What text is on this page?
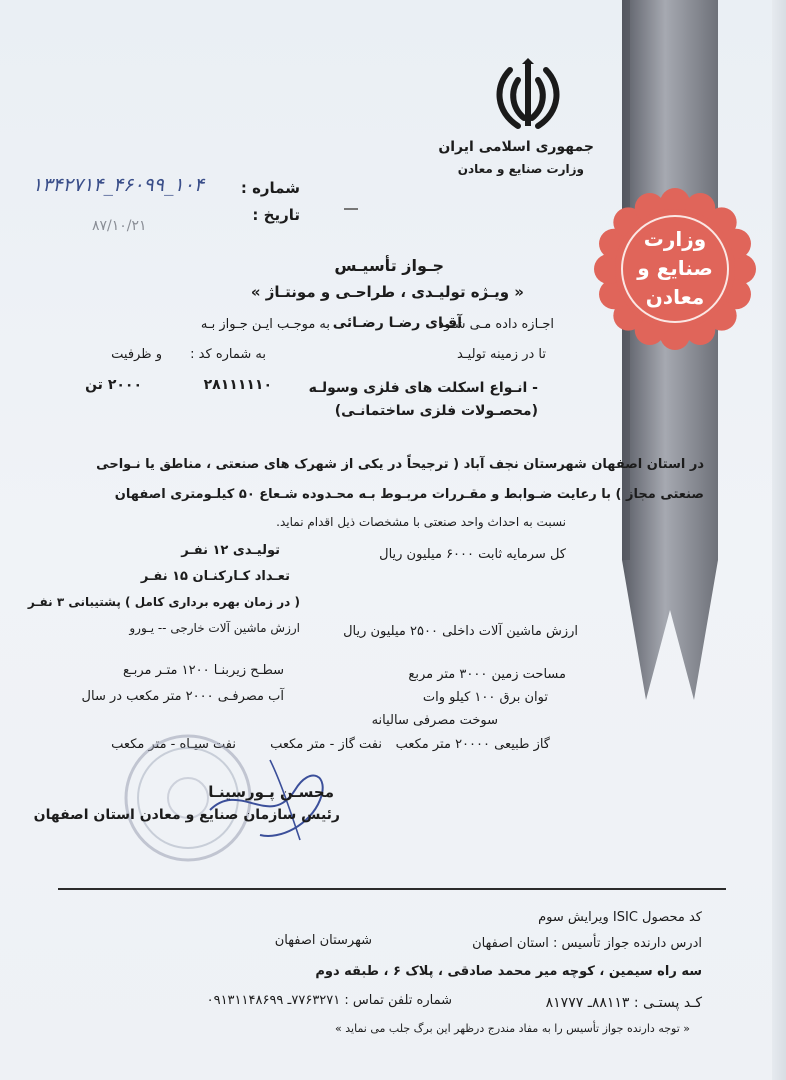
جمهوری اسلامی ایران
وزارت صنایع و معادن
وزارت
صنایع و
معادن
شماره :
۱۰۴_۴۶۰۹۹_۱۳۴۲۷۱۴
تاریخ :
۸۷/۱۰/۲۱
جـواز تأسیـس
« ویـژه تولیـدی ، طراحـی و مونتـاژ »
به موجـب ایـن جـواز بـه آقـای رضـا رضـائی
اجـازه داده مـی شـود
تا در زمینه تولیـد
به شماره کد :
و ظرفیت
- انـواع اسکلت های فلزی وسولـه
(محصـولات فلزی ساختمانـی)
۲۸۱۱۱۱۱۰
۲۰۰۰ تن
در استان اصفهان شهرستان نجف آباد ( ترجیحاً در یکی از شهرک های صنعتی ، مناطق یا نـواحی
صنعتی مجاز ) با رعایت ضـوابط و مقـررات مربـوط بـه محـدوده شـعاع ۵۰ کیلـومتری اصفهان
نسبت به احداث واحد صنعتی با مشخصات ذیل اقدام نماید.
کل سرمایه ثابت ۶۰۰۰ میلیون ریال
تولیـدی ۱۲ نفـر
تعـداد کـارکنـان ۱۵ نفـر
( در زمان بهره برداری کامل ) پشتیبانی ۳ نفـر
ارزش ماشین آلات خارجی -- یـورو	ارزش ماشین آلات داخلی ۲۵۰۰ میلیون ریال
مساحت زمین ۳۰۰۰ متر مربع
سطـح زیربنـا ۱۲۰۰ متـر مربـع
توان برق ۱۰۰ کیلو وات
آب مصرفـی ۲۰۰۰ متر مکعب در سال
سوخت مصرفی سالیانه
گاز طبیعی ۲۰۰۰۰ متر مکعب
نفت گاز - متر مکعب
نفت سیـاه - متر مکعب
محسـن پـورسینـا
رئیس سازمان صنایع و معادن استان اصفهان
کد محصول ISIC ویرایش سوم
ادرس دارنده جواز تأسیس : استان اصفهان
شهرستان اصفهان
سه راه سیمین ، کوچه میر محمد صادقی ، پلاک ۶ ، طبقه دوم
کـد پستـی : ۸۸۱۱۳ـ ۸۱۷۷۷
شماره تلفن تماس : ۷۷۶۳۲۷۱ـ ۰۹۱۳۱۱۴۸۶۹۹
« توجه دارنده جواز تأسیس را به مفاد مندرج درظهر این برگ جلب می نماید »
